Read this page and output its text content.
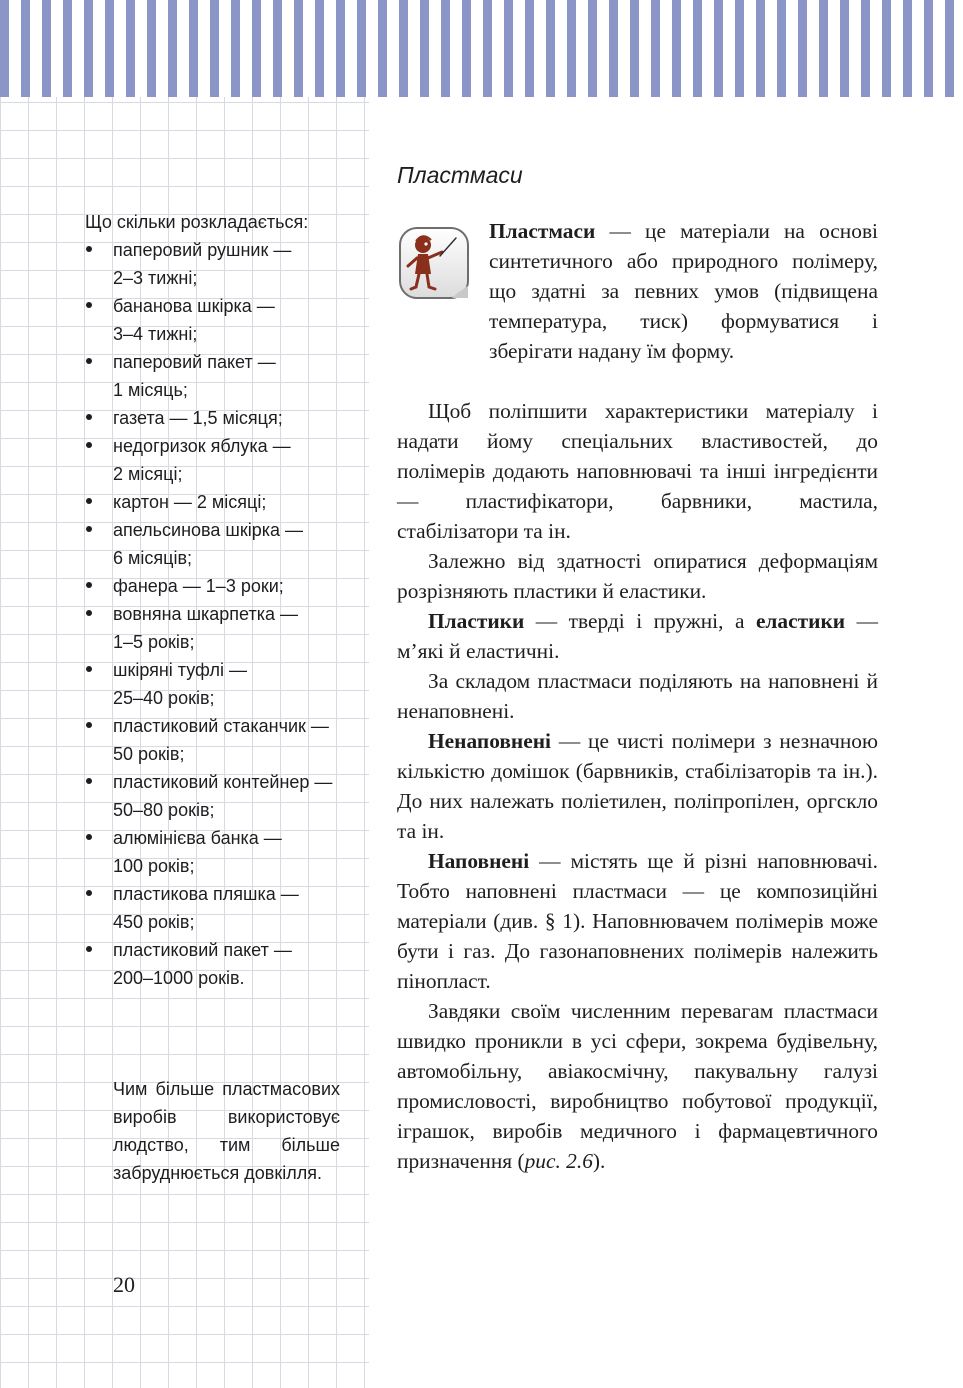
Що скільки розкладається:
паперовий рушник —
2–3 тижні;
бананова шкірка —
3–4 тижні;
паперовий пакет —
1 місяць;
газета — 1,5 місяця;
недогризок яблука —
2 місяці;
картон — 2 місяці;
апельсинова шкірка —
6 місяців;
фанера — 1–3 роки;
вовняна шкарпетка —
1–5 років;
шкіряні туфлі —
25–40 років;
пластиковий стаканчик —
50 років;
пластиковий контейнер —
50–80 років;
алюмінієва банка —
100 років;
пластикова пляшка —
450 років;
пластиковий пакет —
200–1000 років.
Чим більше пластмасових виробів використовує людство, тим більше забруднюється довкілля.
20
Пластмаси
Пластмаси — це матеріали на основі синтетичного або природного полімеру, що здатні за певних умов (підвищена температура, тиск) формуватися і зберігати надану їм форму.

Щоб поліпшити характеристики матеріалу і надати йому спеціальних властивостей, до полімерів додають наповнювачі та інші інгредієнти — пластифікатори, барвники, мастила, стабілізатори та ін.

Залежно від здатності опиратися деформаціям розрізняють пластики й еластики.

Пластики — тверді і пружні, а еластики — м’які й еластичні.

За складом пластмаси поділяють на наповнені й ненаповнені.

Ненаповнені — це чисті полімери з незначною кількістю домішок (барвників, стабілізаторів та ін.). До них належать поліетилен, поліпропілен, оргскло та ін.

Наповнені — містять ще й різні наповнювачі. Тобто наповнені пластмаси — це композиційні матеріали (див. § 1). Наповнювачем полімерів може бути і газ. До газонаповнених полімерів належить пінопласт.

Завдяки своїм численним перевагам пластмаси швидко проникли в усі сфери, зокрема будівельну, автомобільну, авіакосмічну, пакувальну галузі промисловості, виробництво побутової продукції, іграшок, виробів медичного і фармацевтичного призначення (рис. 2.6).
